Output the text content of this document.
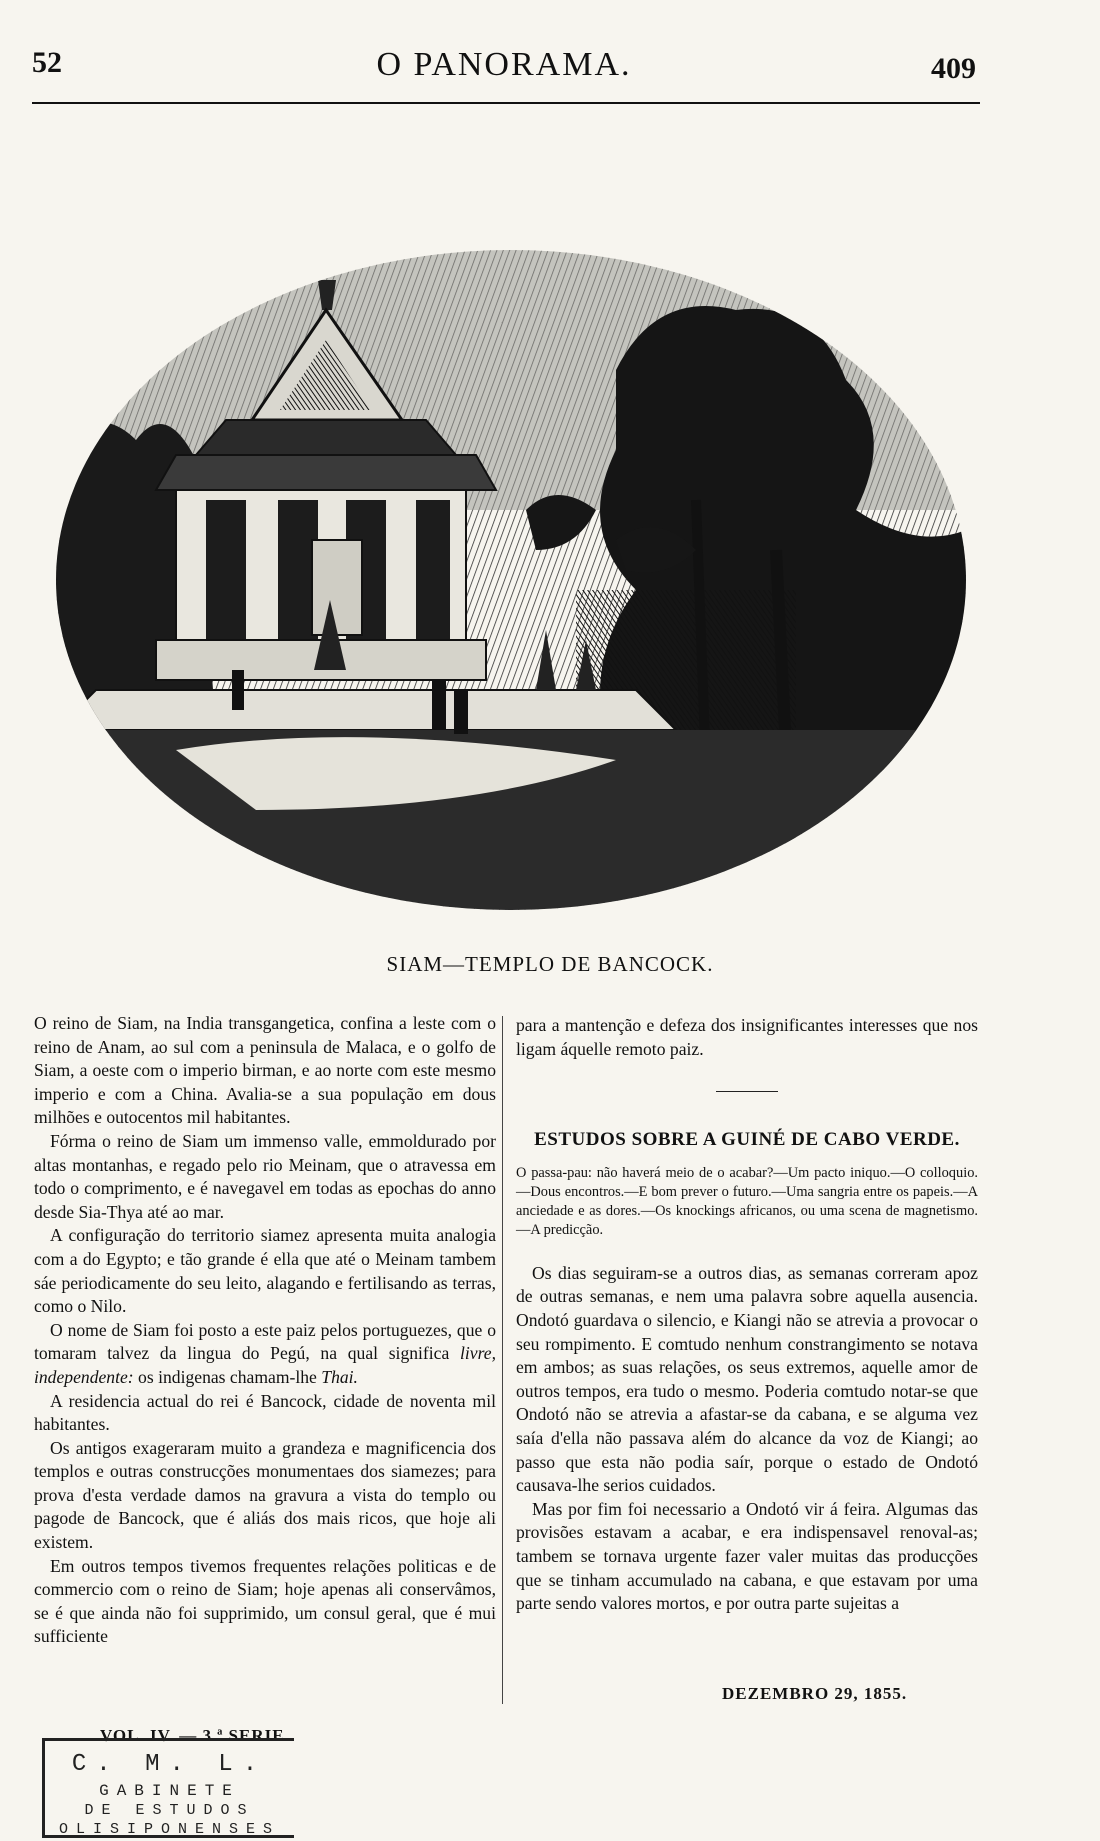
52	O PANORAMA.	409
SIAM—TEMPLO DE BANCOCK.

O reino de Siam, na India transgangetica, confina a leste com o reino de Anam, ao sul com a peninsula de Malaca, e o golfo de Siam, a oeste com o imperio birman, e ao norte com este mesmo imperio e com a China. Avalia-se a sua população em dous milhões e outocentos mil habitantes.

Fórma o reino de Siam um immenso valle, emmoldurado por altas montanhas, e regado pelo rio Meinam, que o atravessa em todo o comprimento, e é navegavel em todas as epochas do anno desde Sia-Thya até ao mar.

A configuração do territorio siamez apresenta muita analogia com a do Egypto; e tão grande é ella que até o Meinam tambem sáe periodicamente do seu leito, alagando e fertilisando as terras, como o Nilo.

O nome de Siam foi posto a este paiz pelos portuguezes, que o tomaram talvez da lingua do Pegú, na qual significa livre, independente: os indigenas chamam-lhe Thai.

A residencia actual do rei é Bancock, cidade de noventa mil habitantes.

Os antigos exageraram muito a grandeza e magnificencia dos templos e outras construcções monumentaes dos siamezes; para prova d'esta verdade damos na gravura a vista do templo ou pagode de Bancock, que é aliás dos mais ricos, que hoje ali existem.

Em outros tempos tivemos frequentes relações politicas e de commercio com o reino de Siam; hoje apenas ali conservâmos, se é que ainda não foi supprimido, um consul geral, que é mui sufficiente

para a mantenção e defeza dos insignificantes interesses que nos ligam áquelle remoto paiz.

ESTUDOS SOBRE A GUINÉ DE CABO VERDE.
O passa-pau: não haverá meio de o acabar?—Um pacto iniquo.—O colloquio.—Dous encontros.—E bom prever o futuro.—Uma sangria entre os papeis.—A anciedade e as dores.—Os knockings africanos, ou uma scena de magnetismo.—A predicção.

Os dias seguiram-se a outros dias, as semanas correram apoz de outras semanas, e nem uma palavra sobre aquella ausencia. Ondotó guardava o silencio, e Kiangi não se atrevia a provocar o seu rompimento. E comtudo nenhum constrangimento se notava em ambos; as suas relações, os seus extremos, aquelle amor de outros tempos, era tudo o mesmo. Poderia comtudo notar-se que Ondotó não se atrevia a afastar-se da cabana, e se alguma vez saía d'ella não passava além do alcance da voz de Kiangi; ao passo que esta não podia saír, porque o estado de Ondotó causava-lhe serios cuidados.

Mas por fim foi necessario a Ondotó vir á feira. Algumas das provisões estavam a acabar, e era indispensavel renoval-as; tambem se tornava urgente fazer valer muitas das producções que se tinham accumulado na cabana, e que estavam por uma parte sendo valores mortos, e por outra parte sujeitas a

DEZEMBRO 29, 1855.
VOL. IV. — 3.ª SERIE.
C. M. L.
GABINETE
DE ESTUDOS
OLISIPONENSES
